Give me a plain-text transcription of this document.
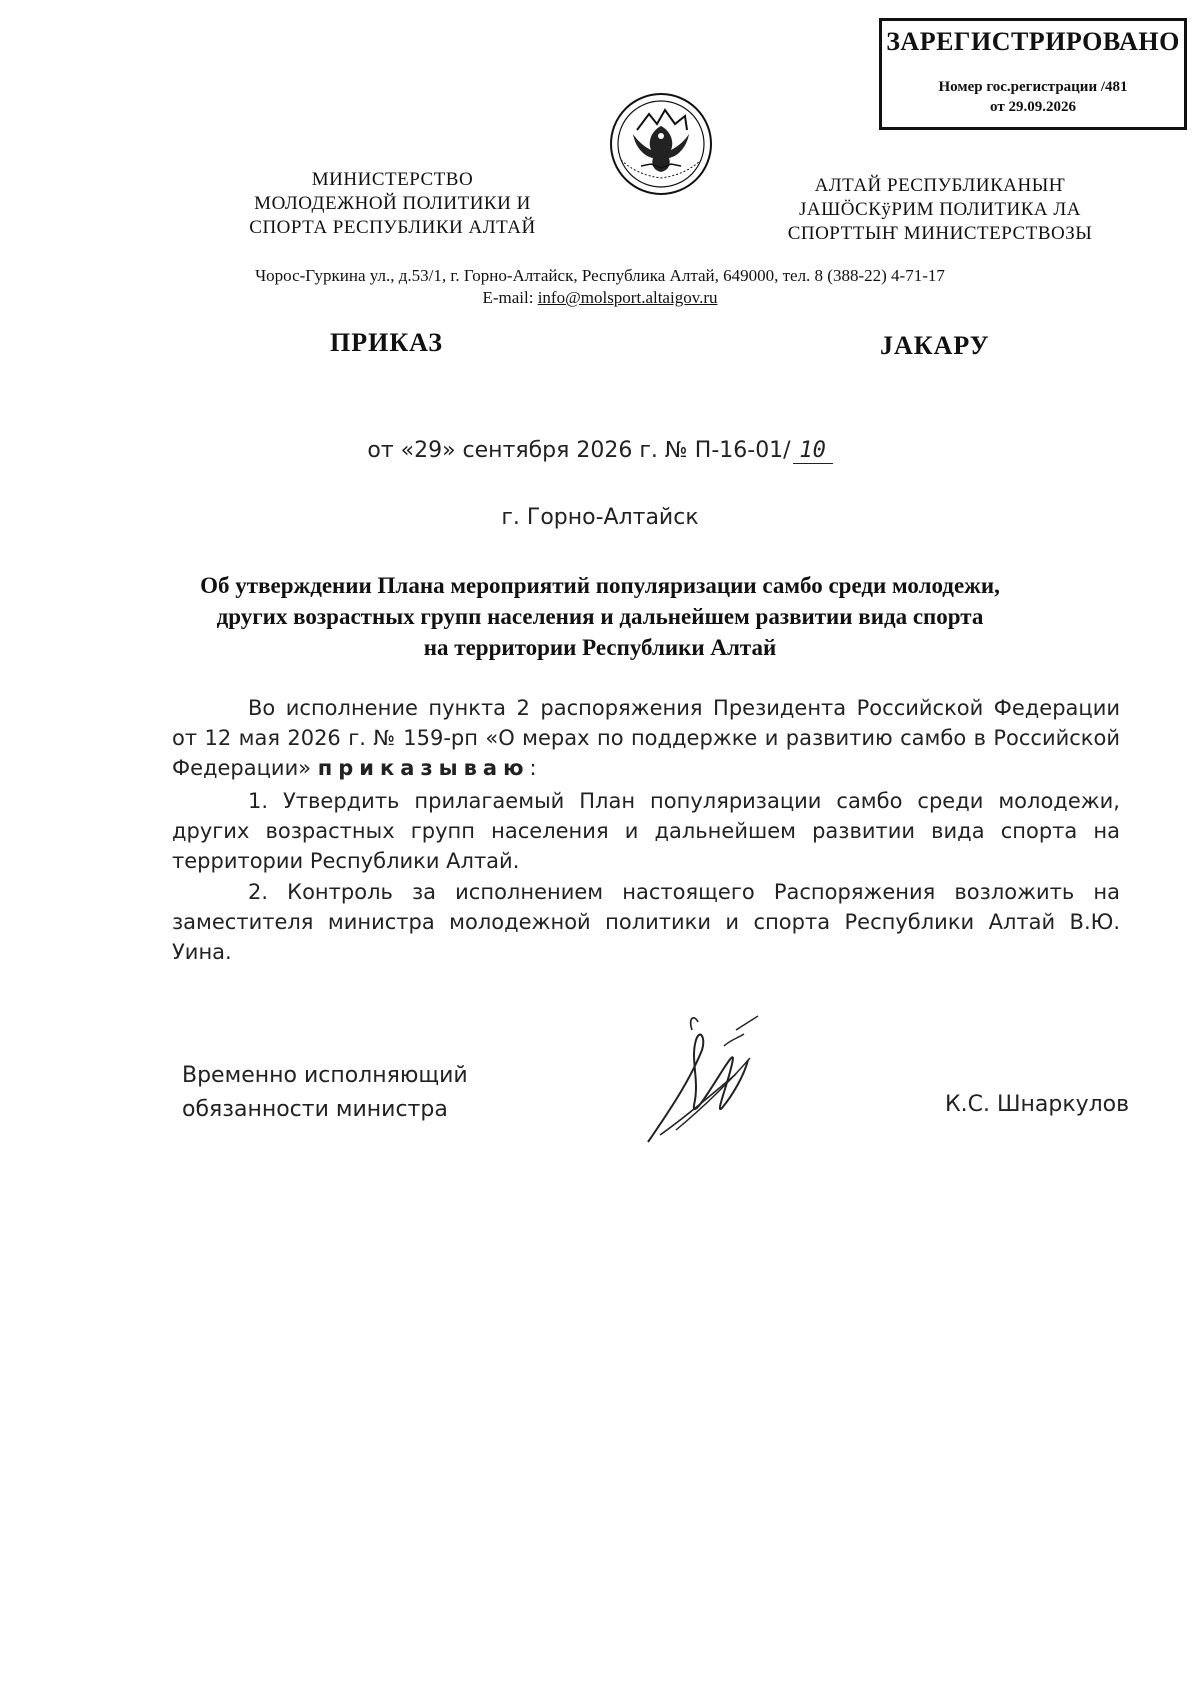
ЗАРЕГИСТРИРОВАНО
Номер гос.регистрации /481
от 29.09.2026
МИНИСТЕРСТВО
МОЛОДЕЖНОЙ ПОЛИТИКИ И
СПОРТА РЕСПУБЛИКИ АЛТАЙ
АЛТАЙ РЕСПУБЛИКАНЫҤ
ЈАШÖСКÿРИМ ПОЛИТИКА ЛА
СПОРТТЫҤ МИНИСТЕРСТВОЗЫ
Чорос-Гуркина ул., д.53/1, г. Горно-Алтайск, Республика Алтай, 649000, тел. 8 (388-22) 4-71-17
E-mail: info@molsport.altaigov.ru
ПРИКАЗ	ЈАКАРУ
от «29» сентября 2026 г. № П-16-01/ 10
г. Горно-Алтайск
Об утверждении Плана мероприятий популяризации самбо среди молодежи,
других возрастных групп населения и дальнейшем развитии вида спорта
на территории Республики Алтай
Во исполнение пункта 2 распоряжения Президента Российской Федерации от 12 мая 2026 г. № 159-рп «О мерах по поддержке и развитию самбо в Российской Федерации» приказываю:
1. Утвердить прилагаемый План популяризации самбо среди молодежи, других возрастных групп населения и дальнейшем развитии вида спорта на территории Республики Алтай.
2. Контроль за исполнением настоящего Распоряжения возложить на заместителя министра молодежной политики и спорта Республики Алтай В.Ю. Уина.
Временно исполняющий
обязанности министра	К.С. Шнаркулов
